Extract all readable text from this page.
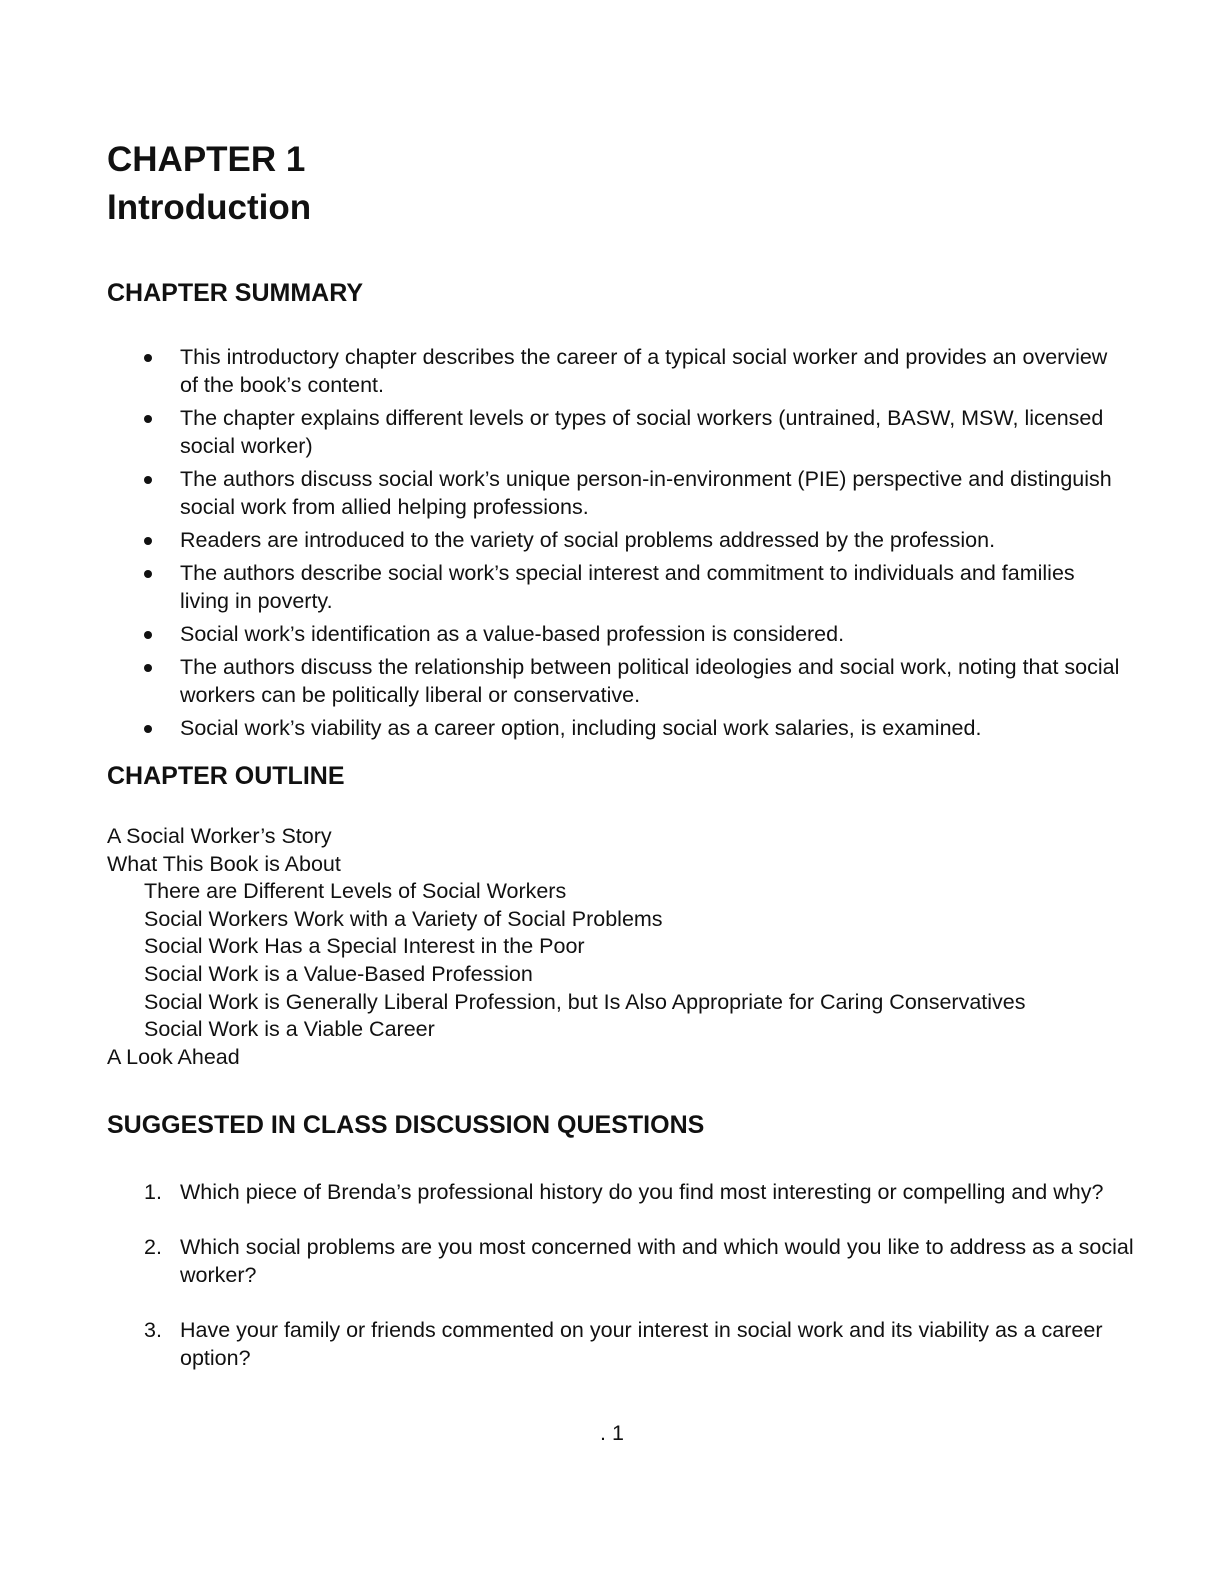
CHAPTER 1
Introduction
CHAPTER SUMMARY
This introductory chapter describes the career of a typical social worker and provides an overview of the book’s content.
The chapter explains different levels or types of social workers (untrained, BASW, MSW, licensed social worker)
The authors discuss social work’s unique person-in-environment (PIE) perspective and distinguish social work from allied helping professions.
Readers are introduced to the variety of social problems addressed by the profession.
The authors describe social work’s special interest and commitment to individuals and families living in poverty.
Social work’s identification as a value-based profession is considered.
The authors discuss the relationship between political ideologies and social work, noting that social workers can be politically liberal or conservative.
Social work’s viability as a career option, including social work salaries, is examined.
CHAPTER OUTLINE
A Social Worker’s Story
What This Book is About
There are Different Levels of Social Workers
Social Workers Work with a Variety of Social Problems
Social Work Has a Special Interest in the Poor
Social Work is a Value-Based Profession
Social Work is Generally Liberal Profession, but Is Also Appropriate for Caring Conservatives
Social Work is a Viable Career
A Look Ahead
SUGGESTED IN CLASS DISCUSSION QUESTIONS
1. Which piece of Brenda’s professional history do you find most interesting or compelling and why?
2. Which social problems are you most concerned with and which would you like to address as a social worker?
3. Have your family or friends commented on your interest in social work and its viability as a career option?
. 1
